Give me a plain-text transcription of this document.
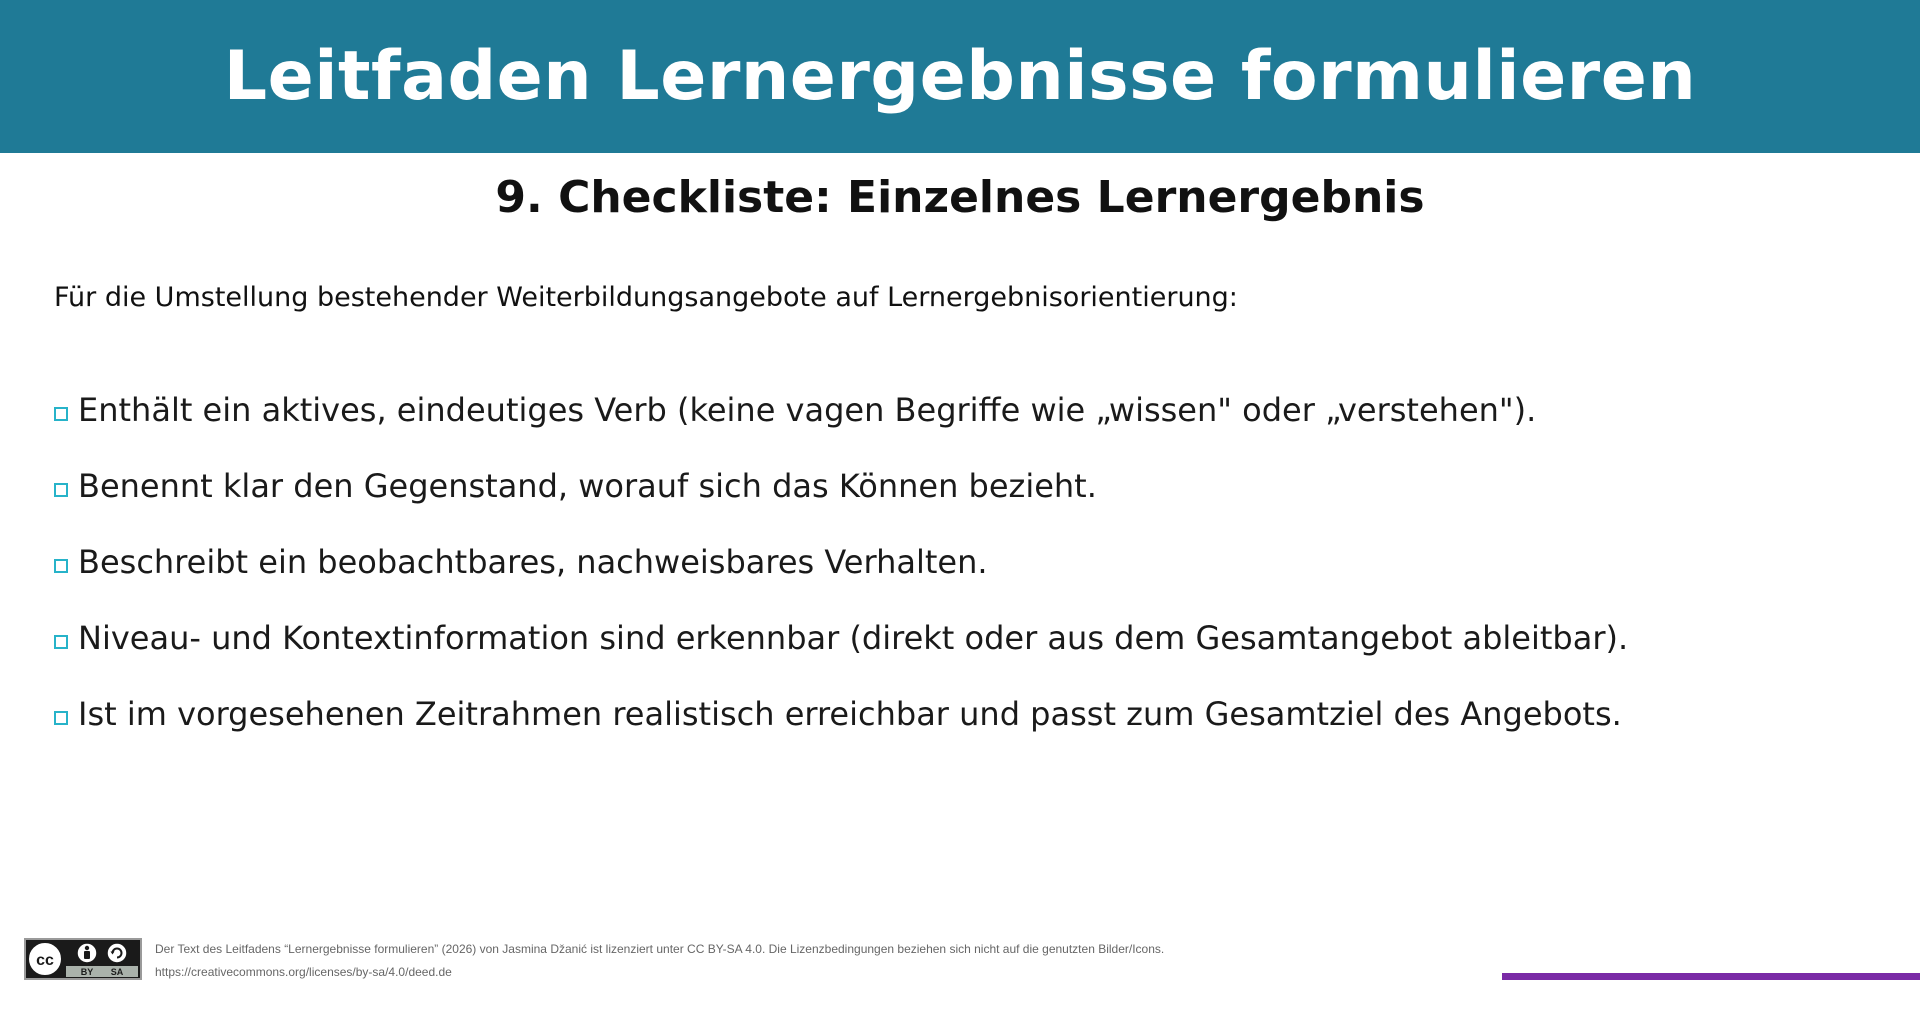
Leitfaden Lernergebnisse formulieren
9. Checkliste: Einzelnes Lernergebnis
Für die Umstellung bestehender Weiterbildungsangebote auf Lernergebnisorientierung:
Enthält ein aktives, eindeutiges Verb (keine vagen Begriffe wie „wissen" oder „verstehen").
Benennt klar den Gegenstand, worauf sich das Können bezieht.
Beschreibt ein beobachtbares, nachweisbares Verhalten.
Niveau- und Kontextinformation sind erkennbar (direkt oder aus dem Gesamtangebot ableitbar).
Ist im vorgesehenen Zeitrahmen realistisch erreichbar und passt zum Gesamtziel des Angebots.
cc
BY SA
Der Text des Leitfadens “Lernergebnisse formulieren” (2026) von Jasmina Džanić ist lizenziert unter CC BY-SA 4.0. Die Lizenzbedingungen beziehen sich nicht auf die genutzten Bilder/Icons.
https://creativecommons.org/licenses/by-sa/4.0/deed.de
